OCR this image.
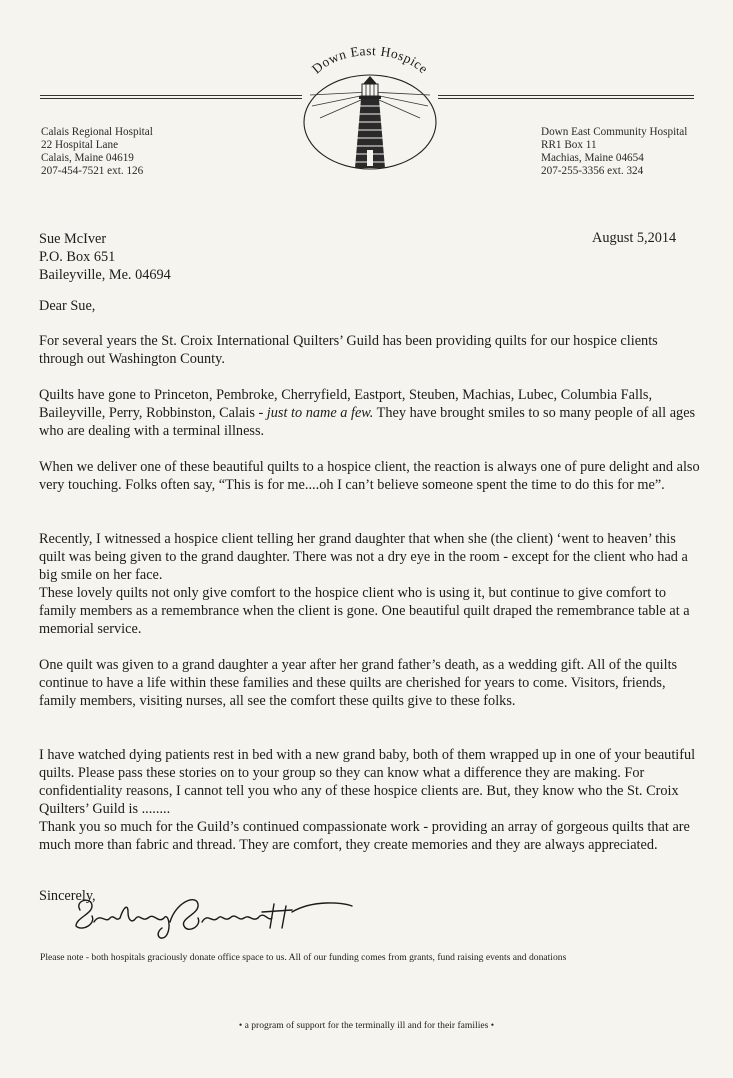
Down East Hospice
Calais Regional Hospital
22 Hospital Lane
Calais, Maine 04619
207-454-7521 ext. 126
Down East Community Hospital
RR1 Box 11
Machias, Maine 04654
207-255-3356 ext. 324
Sue McIver
P.O. Box 651
Baileyville, Me. 04694
August 5,2014
Dear Sue,

For several years the St. Croix International Quilters’ Guild has been providing quilts for our hospice clients through out Washington County.

Quilts have gone to Princeton, Pembroke, Cherryfield, Eastport, Steuben, Machias, Lubec, Columbia Falls, Baileyville, Perry, Robbinston, Calais - just to name a few. They have brought smiles to so many people of all ages who are dealing with a terminal illness.

When we deliver one of these beautiful quilts to a hospice client, the reaction is always one of pure delight and also very touching. Folks often say, “This is for me....oh I can’t believe someone spent the time to do this for me”.

Recently, I witnessed a hospice client telling her grand daughter that when she (the client) ‘went to heaven’ this quilt was being given to the grand daughter. There was not a dry eye in the room - except for the client who had a big smile on her face.

These lovely quilts not only give comfort to the hospice client who is using it, but continue to give comfort to family members as a remembrance when the client is gone. One beautiful quilt draped the remembrance table at a memorial service.

One quilt was given to a grand daughter a year after her grand father’s death, as a wedding gift. All of the quilts continue to have a life within these families and these quilts are cherished for years to come. Visitors, friends, family members, visiting nurses, all see the comfort these quilts give to these folks.

I have watched dying patients rest in bed with a new grand baby, both of them wrapped up in one of your beautiful quilts. Please pass these stories on to your group so they can know what a difference they are making. For confidentiality reasons, I cannot tell you who any of these hospice clients are. But, they know who the St. Croix Quilters’ Guild is ........

Thank you so much for the Guild’s continued compassionate work - providing an array of gorgeous quilts that are much more than fabric and thread. They are comfort, they create memories and they are always appreciated.

Sincerely,
Please note - both hospitals graciously donate office space to us. All of our funding comes from grants, fund raising events and donations
• a program of support for the terminally ill and for their families •
